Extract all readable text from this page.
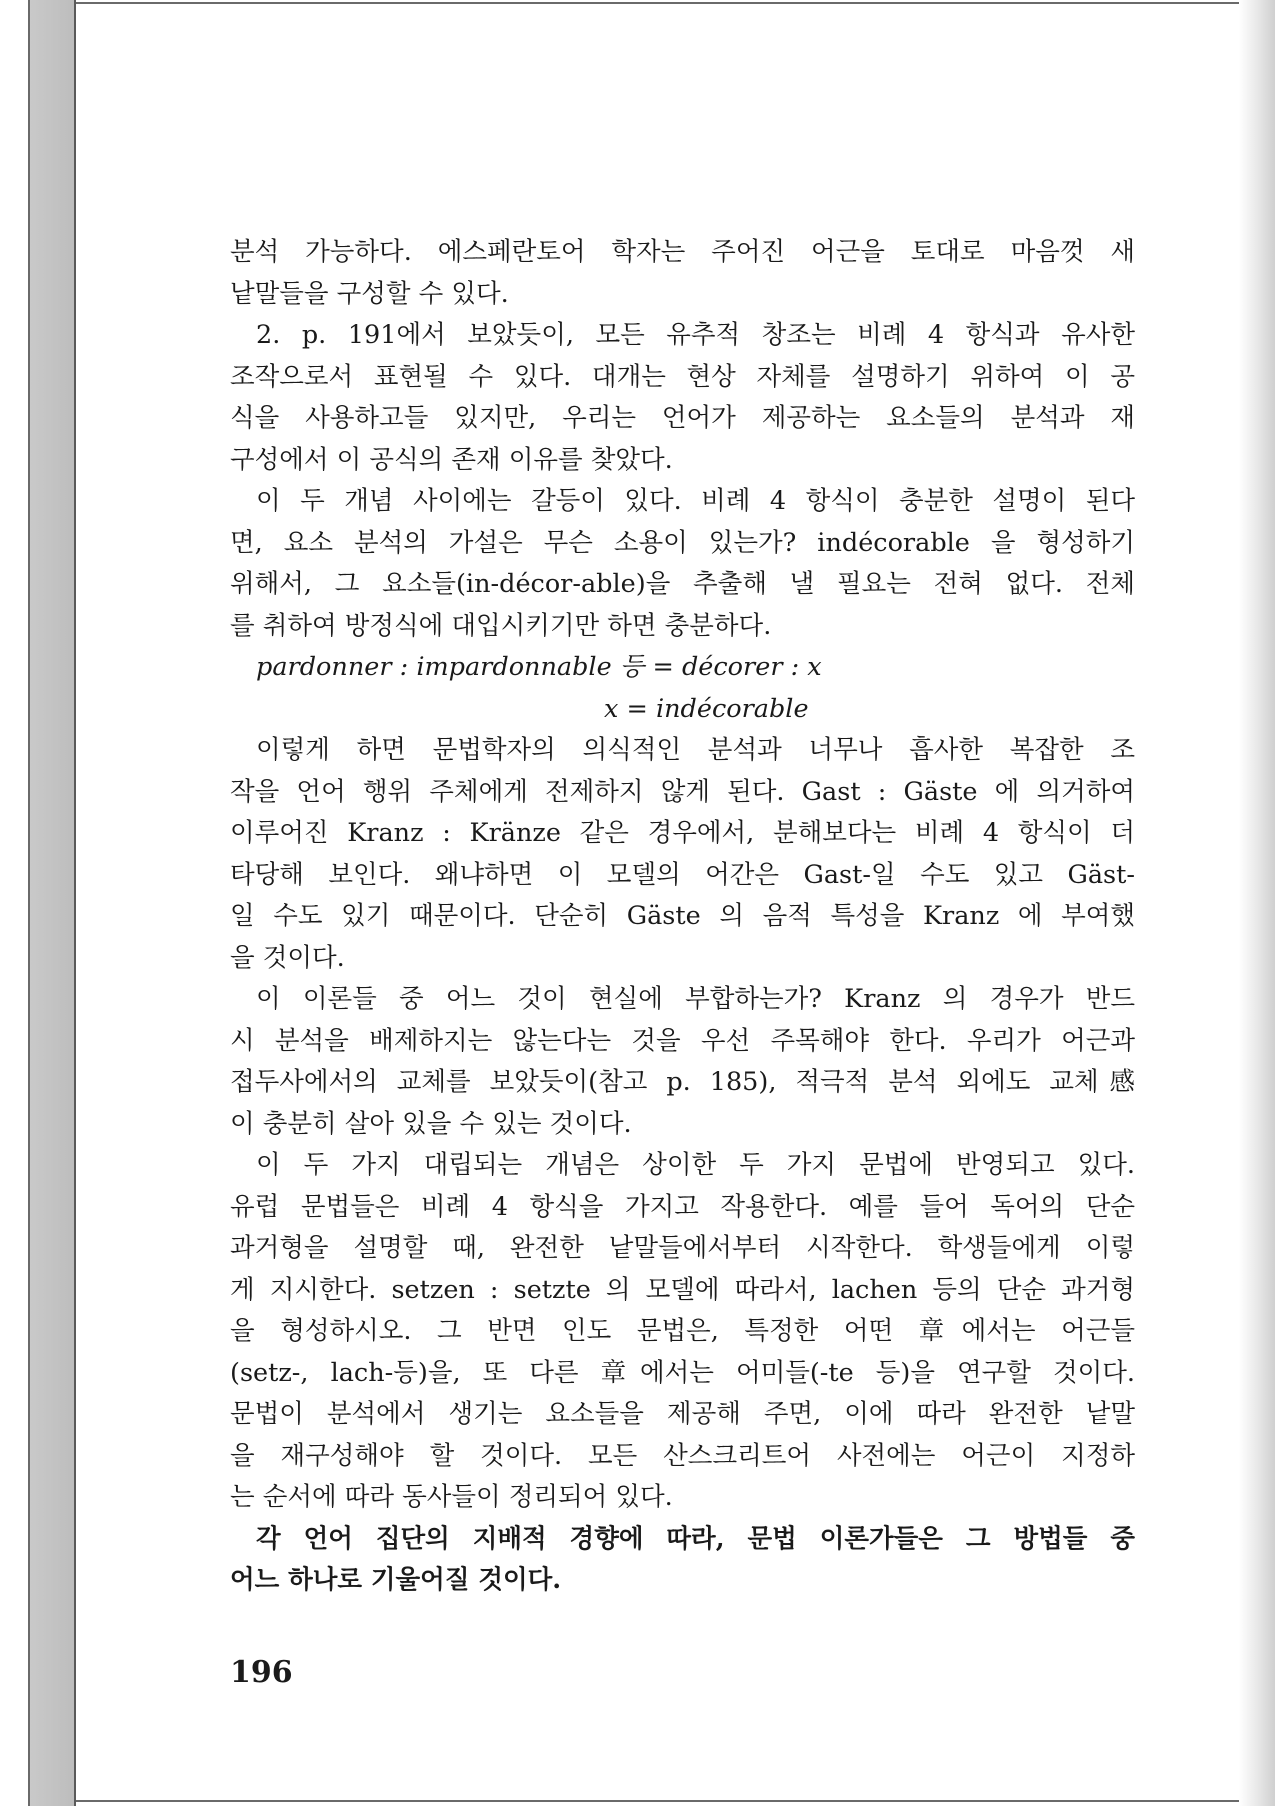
분석 가능하다. 에스페란토어 학자는 주어진 어근을 토대로 마음껏 새
낱말들을 구성할 수 있다.
2. p. 191에서 보았듯이, 모든 유추적 창조는 비례 4 항식과 유사한
조작으로서 표현될 수 있다. 대개는 현상 자체를 설명하기 위하여 이 공
식을 사용하고들 있지만, 우리는 언어가 제공하는 요소들의 분석과 재
구성에서 이 공식의 존재 이유를 찾았다.
이 두 개념 사이에는 갈등이 있다. 비례 4 항식이 충분한 설명이 된다
면, 요소 분석의 가설은 무슨 소용이 있는가? indécorable 을 형성하기
위해서, 그 요소들(in-décor-able)을 추출해 낼 필요는 전혀 없다. 전체
를 취하여 방정식에 대입시키기만 하면 충분하다.
pardonner : impardonnable 등 = décorer : x
x = indécorable
이렇게 하면 문법학자의 의식적인 분석과 너무나 흡사한 복잡한 조
작을 언어 행위 주체에게 전제하지 않게 된다. Gast : Gäste 에 의거하여
이루어진 Kranz : Kränze 같은 경우에서, 분해보다는 비례 4 항식이 더
타당해 보인다. 왜냐하면 이 모델의 어간은 Gast-일 수도 있고 Gäst-
일 수도 있기 때문이다. 단순히 Gäste 의 음적 특성을 Kranz 에 부여했
을 것이다.
이 이론들 중 어느 것이 현실에 부합하는가? Kranz 의 경우가 반드
시 분석을 배제하지는 않는다는 것을 우선 주목해야 한다. 우리가 어근과
접두사에서의 교체를 보았듯이(참고 p. 185), 적극적 분석 외에도 교체感
이 충분히 살아 있을 수 있는 것이다.
이 두 가지 대립되는 개념은 상이한 두 가지 문법에 반영되고 있다.
유럽 문법들은 비례 4 항식을 가지고 작용한다. 예를 들어 독어의 단순
과거형을 설명할 때, 완전한 낱말들에서부터 시작한다. 학생들에게 이렇
게 지시한다. setzen : setzte 의 모델에 따라서, lachen 등의 단순 과거형
을 형성하시오. 그 반면 인도 문법은, 특정한 어떤 章에서는 어근들
(setz-, lach-등)을, 또 다른 章에서는 어미들(-te 등)을 연구할 것이다.
문법이 분석에서 생기는 요소들을 제공해 주면, 이에 따라 완전한 낱말
을 재구성해야 할 것이다. 모든 산스크리트어 사전에는 어근이 지정하
는 순서에 따라 동사들이 정리되어 있다.
각 언어 집단의 지배적 경향에 따라, 문법 이론가들은 그 방법들 중
어느 하나로 기울어질 것이다.
196
